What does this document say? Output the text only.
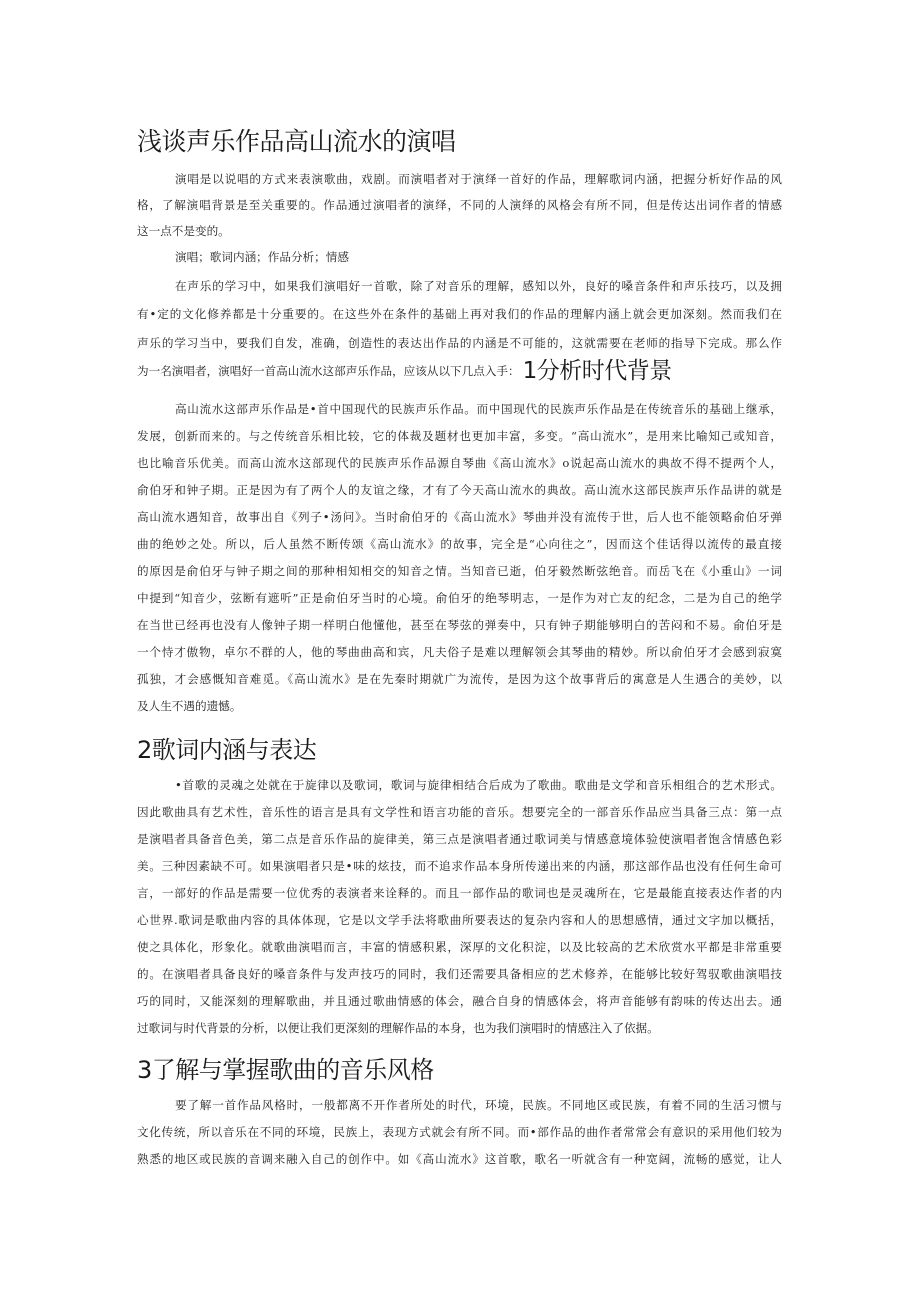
浅谈声乐作品高山流水的演唱
演唱是以说唱的方式来表演歌曲，戏剧。而演唱者对于演绎一首好的作品，理解歌词内涵，把握分析好作品的风
格，了解演唱背景是至关重要的。作品通过演唱者的演绎，不同的人演绎的风格会有所不同，但是传达出词作者的情感
这一点不是变的。
演唱；歌词内涵；作品分析；情感
在声乐的学习中，如果我们演唱好一首歌，除了对音乐的理解，感知以外，良好的嗓音条件和声乐技巧，以及拥
有•定的文化修养都是十分重要的。在这些外在条件的基础上再对我们的作品的理解内涵上就会更加深刻。然而我们在
声乐的学习当中，要我们自发，准确，创造性的表达出作品的内涵是不可能的，这就需要在老师的指导下完成。那么作
为一名演唱者，演唱好一首高山流水这部声乐作品，应该从以下几点入手： 1分析时代背景
高山流水这部声乐作品是•首中国现代的民族声乐作品。而中国现代的民族声乐作品是在传统音乐的基础上继承，
发展，创新而来的。与之传统音乐相比较，它的体裁及题材也更加丰富，多变。“高山流水”，是用来比喻知己或知音，
也比喻音乐优美。而高山流水这部现代的民族声乐作品源自琴曲《高山流水》o说起高山流水的典故不得不提两个人，
俞伯牙和钟子期。正是因为有了两个人的友谊之缘，才有了今天高山流水的典故。高山流水这部民族声乐作品讲的就是
高山流水遇知音，故事出自《列子•汤问》。当时俞伯牙的《高山流水》琴曲并没有流传于世，后人也不能领略俞伯牙弹
曲的绝妙之处。所以，后人虽然不断传颂《高山流水》的故事，完全是“心向往之”，因而这个佳话得以流传的最直接
的原因是俞伯牙与钟子期之间的那种相知相交的知音之情。当知音已逝，伯牙毅然断弦绝音。而岳飞在《小重山》一词
中提到“知音少，弦断有遮听”正是俞伯牙当时的心境。俞伯牙的绝琴明志，一是作为对亡友的纪念，二是为自己的绝学
在当世已经再也没有人像钟子期一样明白他懂他，甚至在琴弦的弹奏中，只有钟子期能够明白的苦闷和不易。俞伯牙是
一个恃才傲物，卓尔不群的人，他的琴曲曲高和宾，凡夫俗子是难以理解领会其琴曲的精妙。所以俞伯牙才会感到寂寞
孤独，才会感慨知音难觅。《高山流水》是在先秦时期就广为流传，是因为这个故事背后的寓意是人生遇合的美妙，以
及人生不遇的遗憾。
2歌词内涵与表达
•首歌的灵魂之处就在于旋律以及歌词，歌词与旋律相结合后成为了歌曲。歌曲是文学和音乐相组合的艺术形式。
因此歌曲具有艺术性，音乐性的语言是具有文学性和语言功能的音乐。想要完全的一部音乐作品应当具备三点：第一点
是演唱者具备音色美，第二点是音乐作品的旋律美，第三点是演唱者通过歌词美与情感意境体验使演唱者饱含情感色彩
美。三种因素缺不可。如果演唱者只是•味的炫技，而不追求作品本身所传递出来的内涵，那这部作品也没有任何生命可
言，一部好的作品是需要一位优秀的表演者来诠释的。而且一部作品的歌词也是灵魂所在，它是最能直接表达作者的内
心世界.歌词是歌曲内容的具体体现，它是以文学手法将歌曲所要表达的复杂内容和人的思想感情，通过文字加以概括，
使之具体化，形象化。就歌曲演唱而言，丰富的情感积累，深厚的文化积淀，以及比较高的艺术欣赏水平都是非常重要
的。在演唱者具备良好的嗓音条件与发声技巧的同时，我们还需要具备相应的艺术修养，在能够比较好驾驭歌曲演唱技
巧的同时，又能深刻的理解歌曲，并且通过歌曲情感的体会，融合自身的情感体会，将声音能够有韵味的传达出去。通
过歌词与时代背景的分析，以便让我们更深刻的理解作品的本身，也为我们演唱时的情感注入了依据。
3了解与掌握歌曲的音乐风格
要了解一首作品风格时，一般都离不开作者所处的时代，环境，民族。不同地区或民族，有着不同的生活习惯与
文化传统，所以音乐在不同的环境，民族上，表现方式就会有所不同。而•部作品的曲作者常常会有意识的采用他们较为
熟悉的地区或民族的音调来融入自己的创作中。如《高山流水》这首歌，歌名一听就含有一种宽阔，流畅的感觉，让人
